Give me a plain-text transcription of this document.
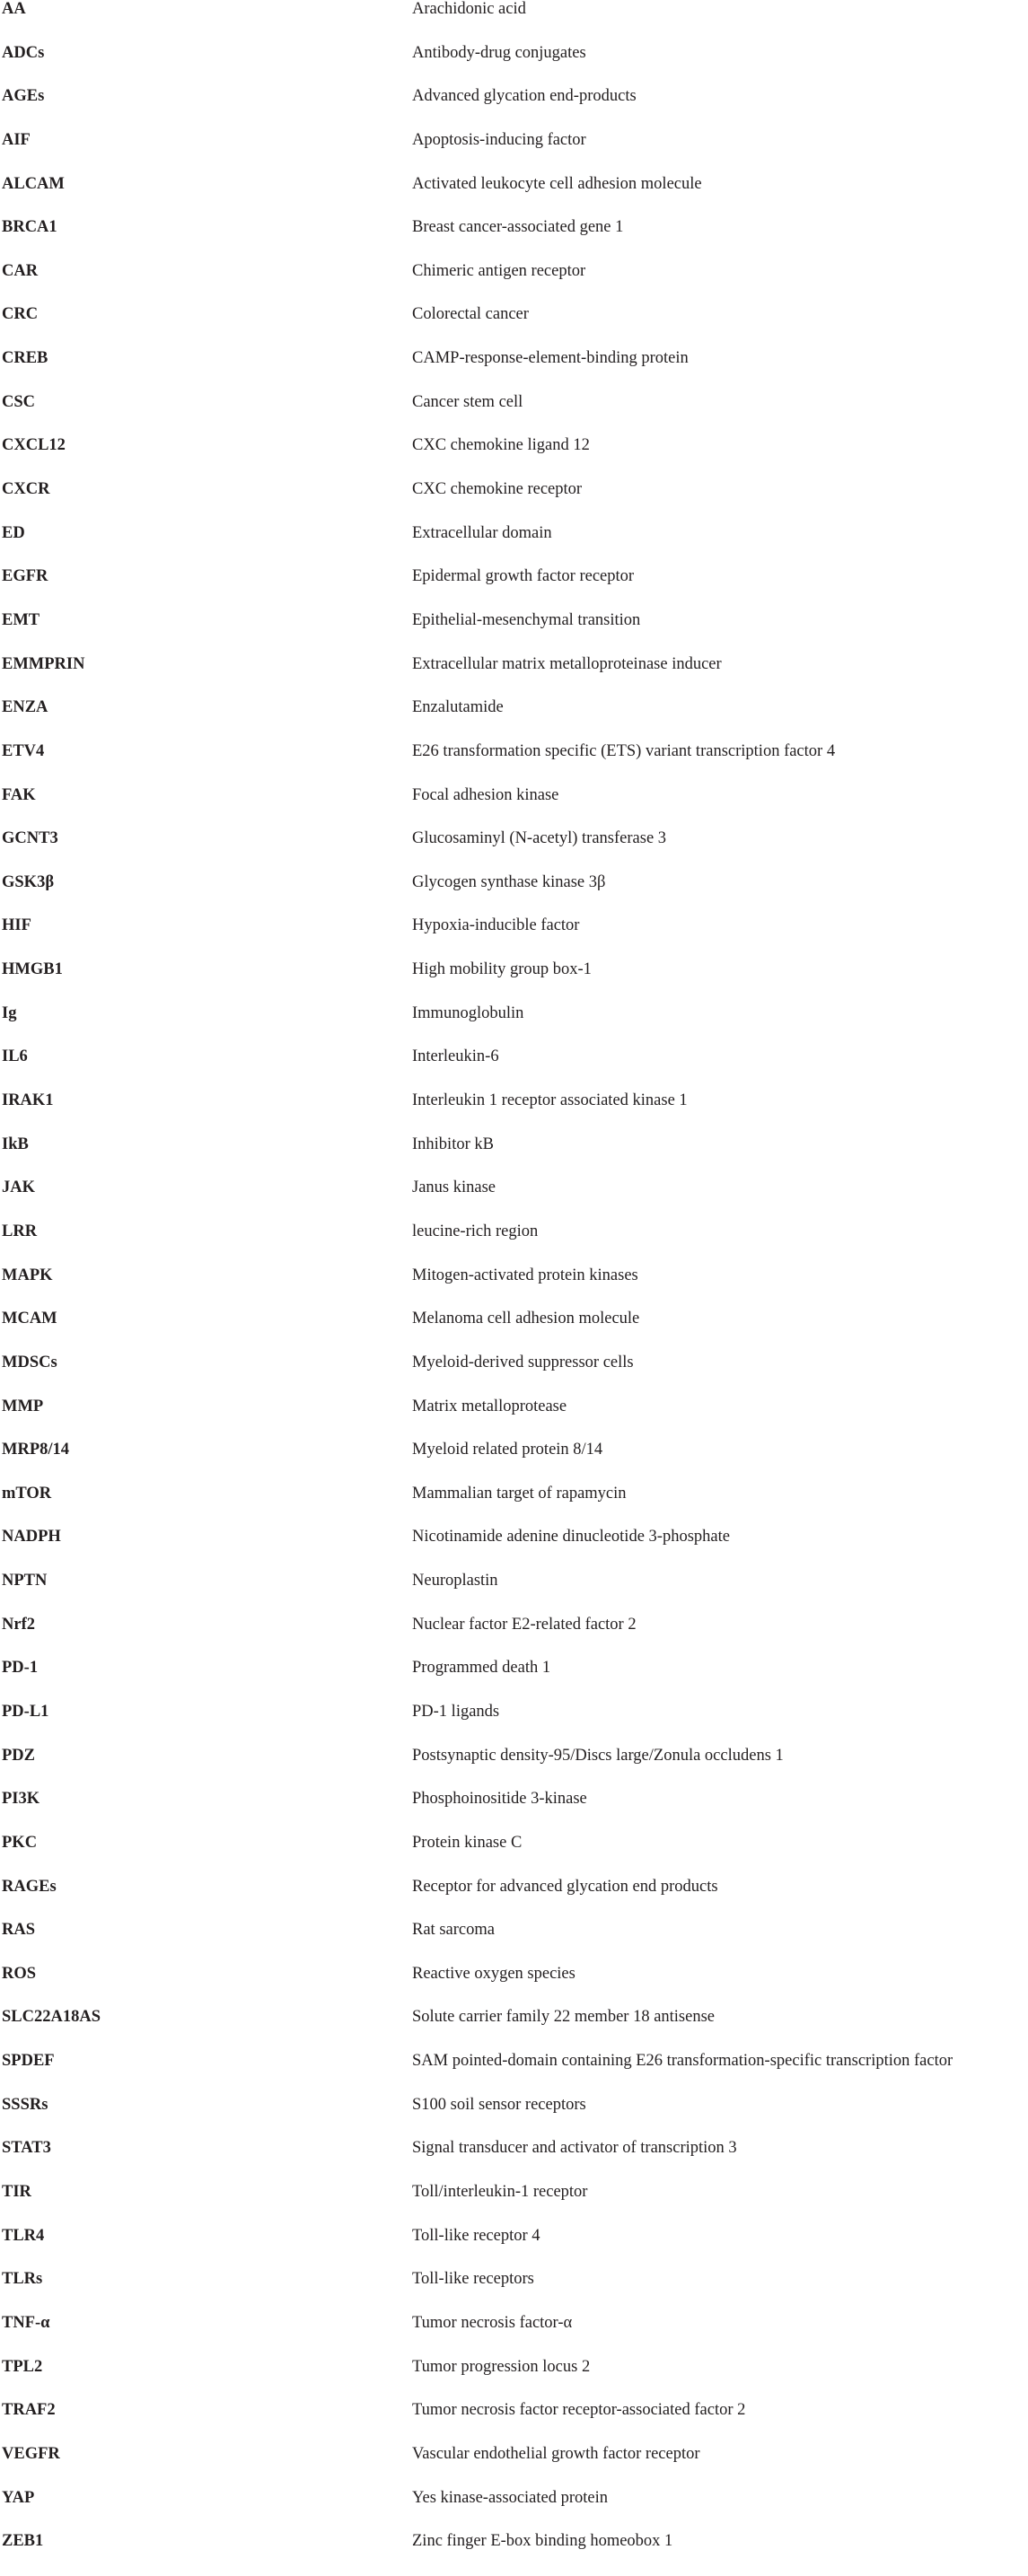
AA	Arachidonic acid
ADCs	Antibody-drug conjugates
AGEs	Advanced glycation end-products
AIF	Apoptosis-inducing factor
ALCAM	Activated leukocyte cell adhesion molecule
BRCA1	Breast cancer-associated gene 1
CAR	Chimeric antigen receptor
CRC	Colorectal cancer
CREB	CAMP-response-element-binding protein
CSC	Cancer stem cell
CXCL12	CXC chemokine ligand 12
CXCR	CXC chemokine receptor
ED	Extracellular domain
EGFR	Epidermal growth factor receptor
EMT	Epithelial-mesenchymal transition
EMMPRIN	Extracellular matrix metalloproteinase inducer
ENZA	Enzalutamide
ETV4	E26 transformation specific (ETS) variant transcription factor 4
FAK	Focal adhesion kinase
GCNT3	Glucosaminyl (N-acetyl) transferase 3
GSK3β	Glycogen synthase kinase 3β
HIF	Hypoxia-inducible factor
HMGB1	High mobility group box-1
Ig	Immunoglobulin
IL6	Interleukin-6
IRAK1	Interleukin 1 receptor associated kinase 1
IkB	Inhibitor kB
JAK	Janus kinase
LRR	leucine-rich region
MAPK	Mitogen-activated protein kinases
MCAM	Melanoma cell adhesion molecule
MDSCs	Myeloid-derived suppressor cells
MMP	Matrix metalloprotease
MRP8/14	Myeloid related protein 8/14
mTOR	Mammalian target of rapamycin
NADPH	Nicotinamide adenine dinucleotide 3-phosphate
NPTN	Neuroplastin
Nrf2	Nuclear factor E2-related factor 2
PD-1	Programmed death 1
PD-L1	PD-1 ligands
PDZ	Postsynaptic density-95/Discs large/Zonula occludens 1
PI3K	Phosphoinositide 3-kinase
PKC	Protein kinase C
RAGEs	Receptor for advanced glycation end products
RAS	Rat sarcoma
ROS	Reactive oxygen species
SLC22A18AS	Solute carrier family 22 member 18 antisense
SPDEF	SAM pointed-domain containing E26 transformation-specific transcription factor
SSSRs	S100 soil sensor receptors
STAT3	Signal transducer and activator of transcription 3
TIR	Toll/interleukin-1 receptor
TLR4	Toll-like receptor 4
TLRs	Toll-like receptors
TNF-α	Tumor necrosis factor-α
TPL2	Tumor progression locus 2
TRAF2	Tumor necrosis factor receptor-associated factor 2
VEGFR	Vascular endothelial growth factor receptor
YAP	Yes kinase-associated protein
ZEB1	Zinc finger E-box binding homeobox 1
